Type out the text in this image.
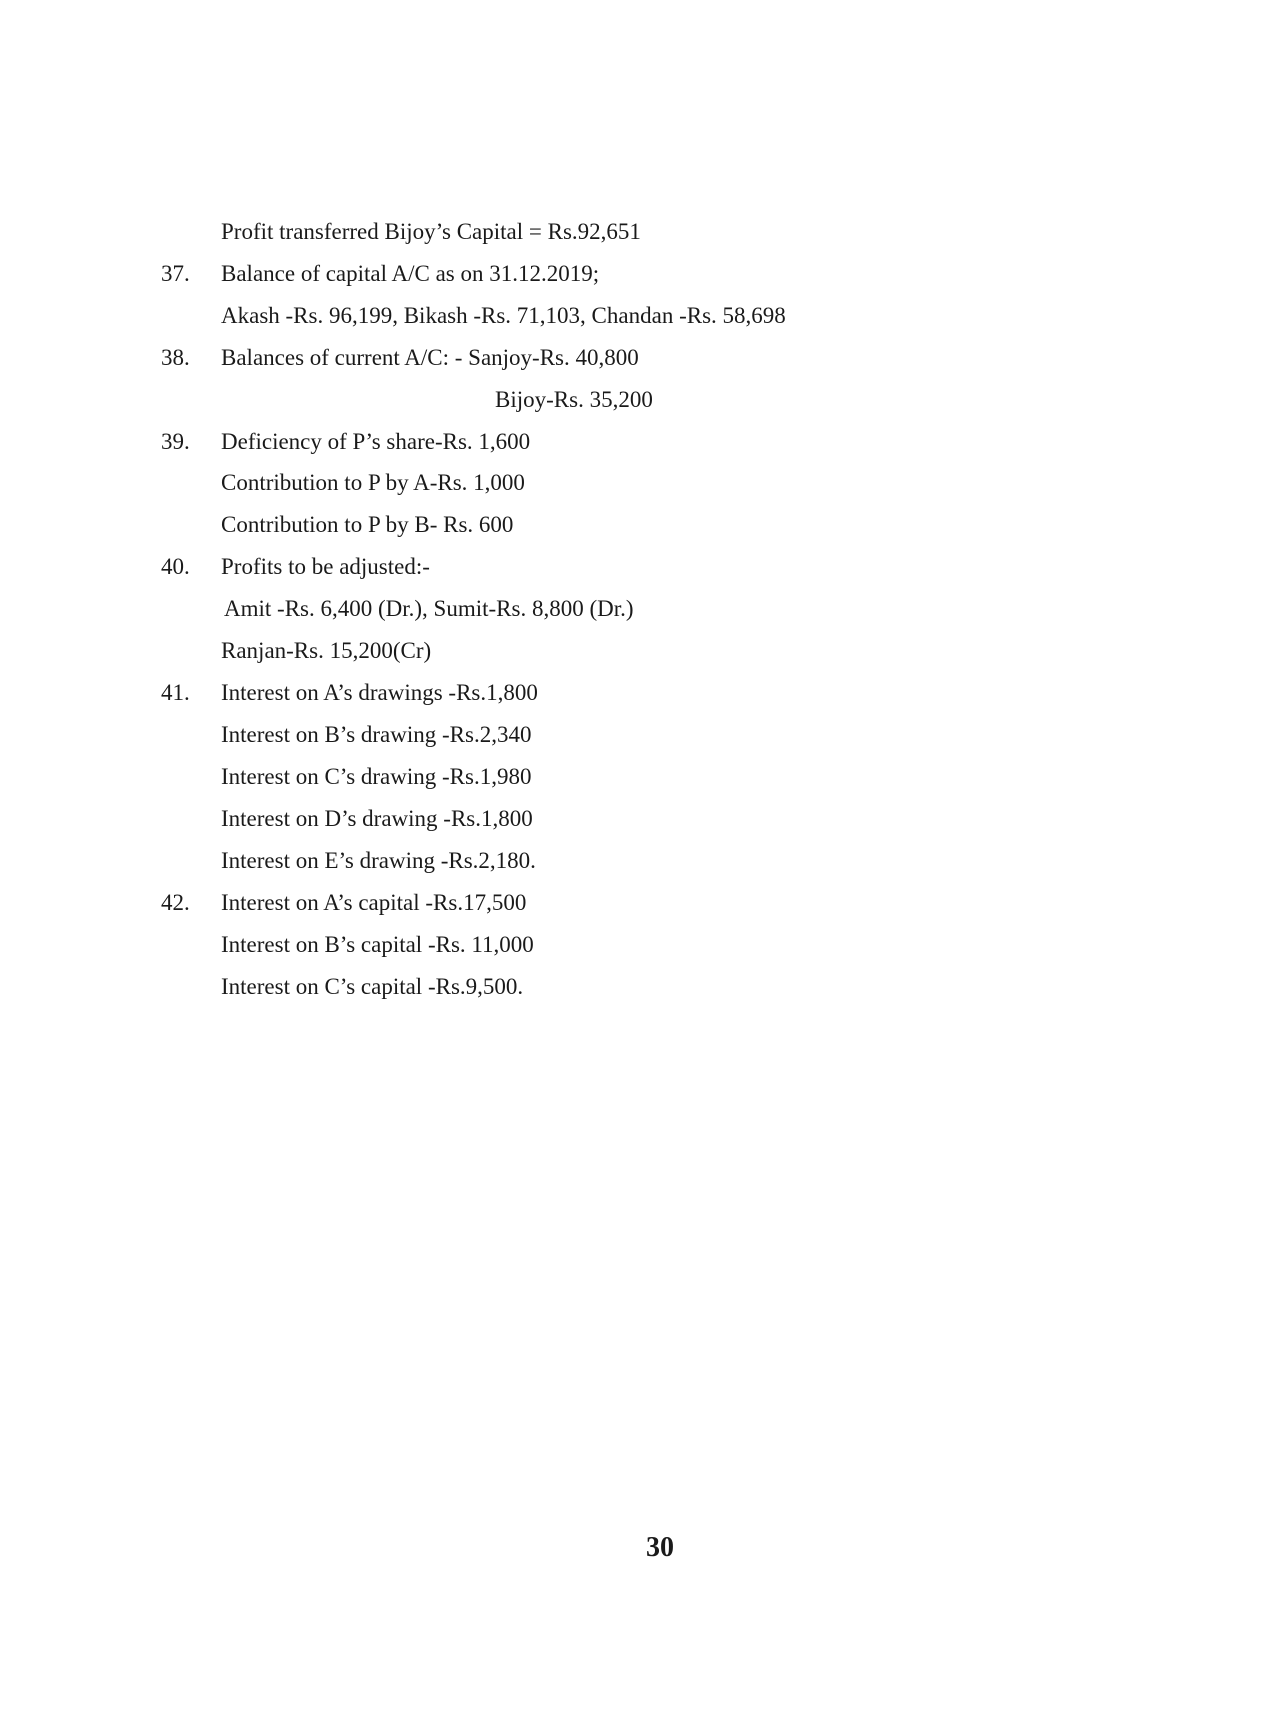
Profit transferred Bijoy’s Capital = Rs.92,651
37. Balance of capital A/C as on 31.12.2019;
Akash -Rs. 96,199, Bikash -Rs. 71,103, Chandan -Rs. 58,698
38. Balances of current A/C: - Sanjoy-Rs. 40,800
Bijoy-Rs. 35,200
39. Deficiency of P’s share-Rs. 1,600
Contribution to P by A-Rs. 1,000
Contribution to P by B- Rs. 600
40. Profits to be adjusted:-
Amit -Rs. 6,400 (Dr.), Sumit-Rs. 8,800 (Dr.)
Ranjan-Rs. 15,200(Cr)
41. Interest on A’s drawings -Rs.1,800
Interest on B’s drawing -Rs.2,340
Interest on C’s drawing -Rs.1,980
Interest on D’s drawing -Rs.1,800
Interest on E’s drawing -Rs.2,180.
42. Interest on A’s capital -Rs.17,500
Interest on B’s capital -Rs. 11,000
Interest on C’s capital -Rs.9,500.
30
